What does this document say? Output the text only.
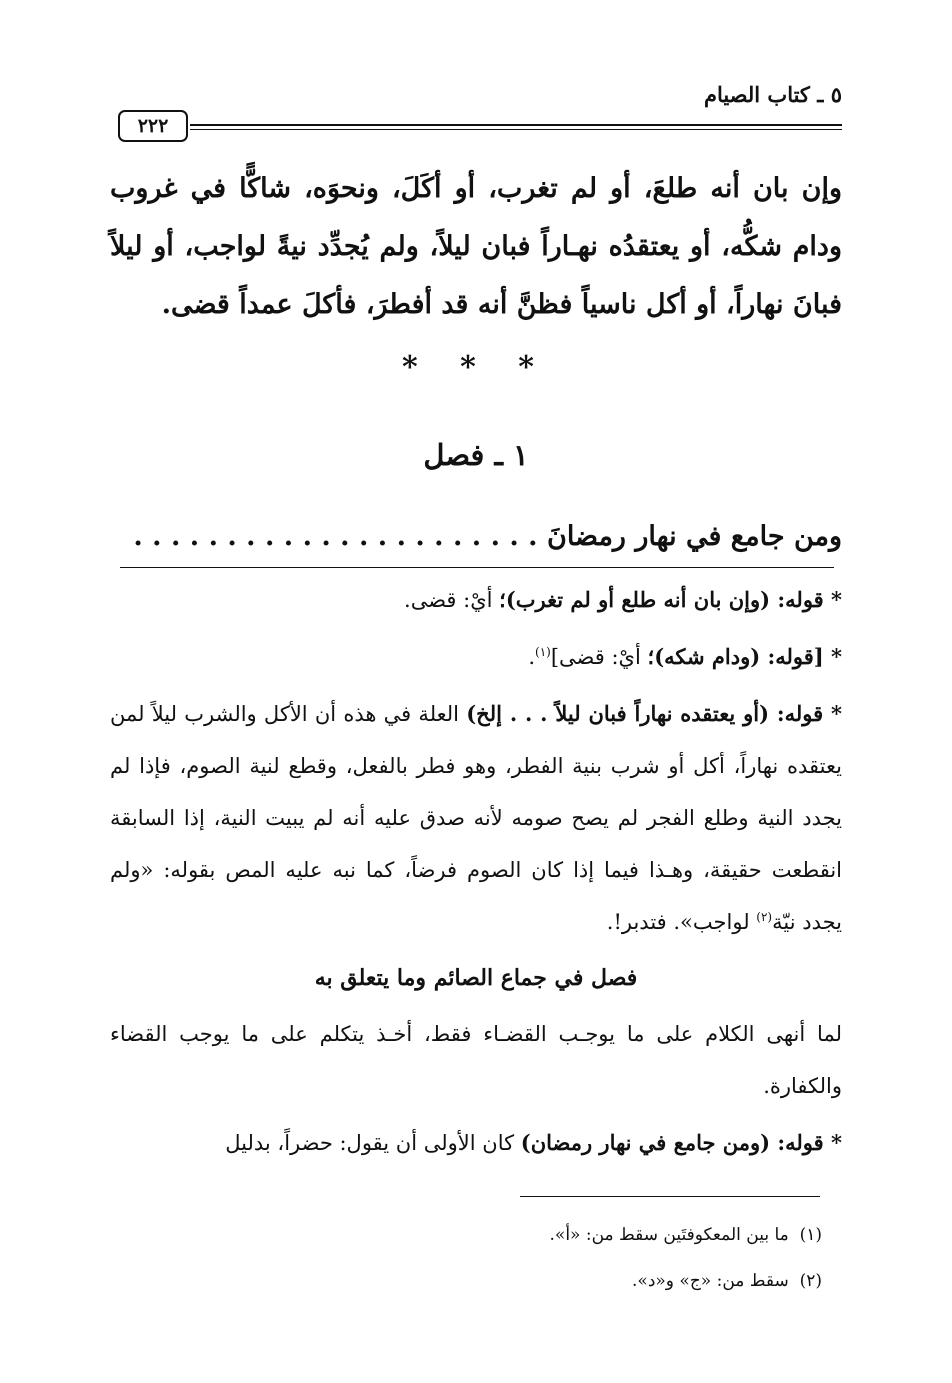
٥ ـ كتاب الصيام
٢٢٢
وإن بان أنه طلعَ، أو لم تغرب، أو أكَلَ، ونحوَه، شاكًّا في غروب ودام شكُّه، أو يعتقدُه نهـاراً فبان ليلاً، ولم يُجدِّد نيةً لواجب، أو ليلاً فبانَ نهاراً، أو أكل ناسياً فظنَّ أنه قد أفطرَ، فأكلَ عمداً قضى.
* * *
١ ـ فصل
ومن جامع في نهار رمضانَ . . . . . . . . . . . . . . . . . . . . . .

* قوله: (وإن بان أنه طلع أو لم تغرب)؛ أيْ: قضى.

* [قوله: (ودام شكه)؛ أيْ: قضى]$^{(١)}$.

* قوله: (أو يعتقده نهاراً فبان ليلاً . . . إلخ) العلة في هذه أن الأكل والشرب ليلاً لمن يعتقده نهاراً، أكل أو شرب بنية الفطر، وهو فطر بالفعل، وقطع لنية الصوم، فإذا لم يجدد النية وطلع الفجر لم يصح صومه لأنه صدق عليه أنه لم يبيت النية، إذا السابقة انقطعت حقيقة، وهـذا فيما إذا كان الصوم فرضاً، كما نبه عليه المص بقوله: «ولم يجدد نيّة$^{(٢)}$ لواجب». فتدبر!.

فصل في جماع الصائم وما يتعلق به

لما أنهى الكلام على ما يوجـب القضـاء فقط، أخـذ يتكلم على ما يوجب القضاء والكفارة.

* قوله: (ومن جامع في نهار رمضان) كان الأولى أن يقول: حضراً، بدليل

(١)  ما بين المعكوفتَين سقط من: «أ».
(٢)  سقط من: «ج» و«د».
